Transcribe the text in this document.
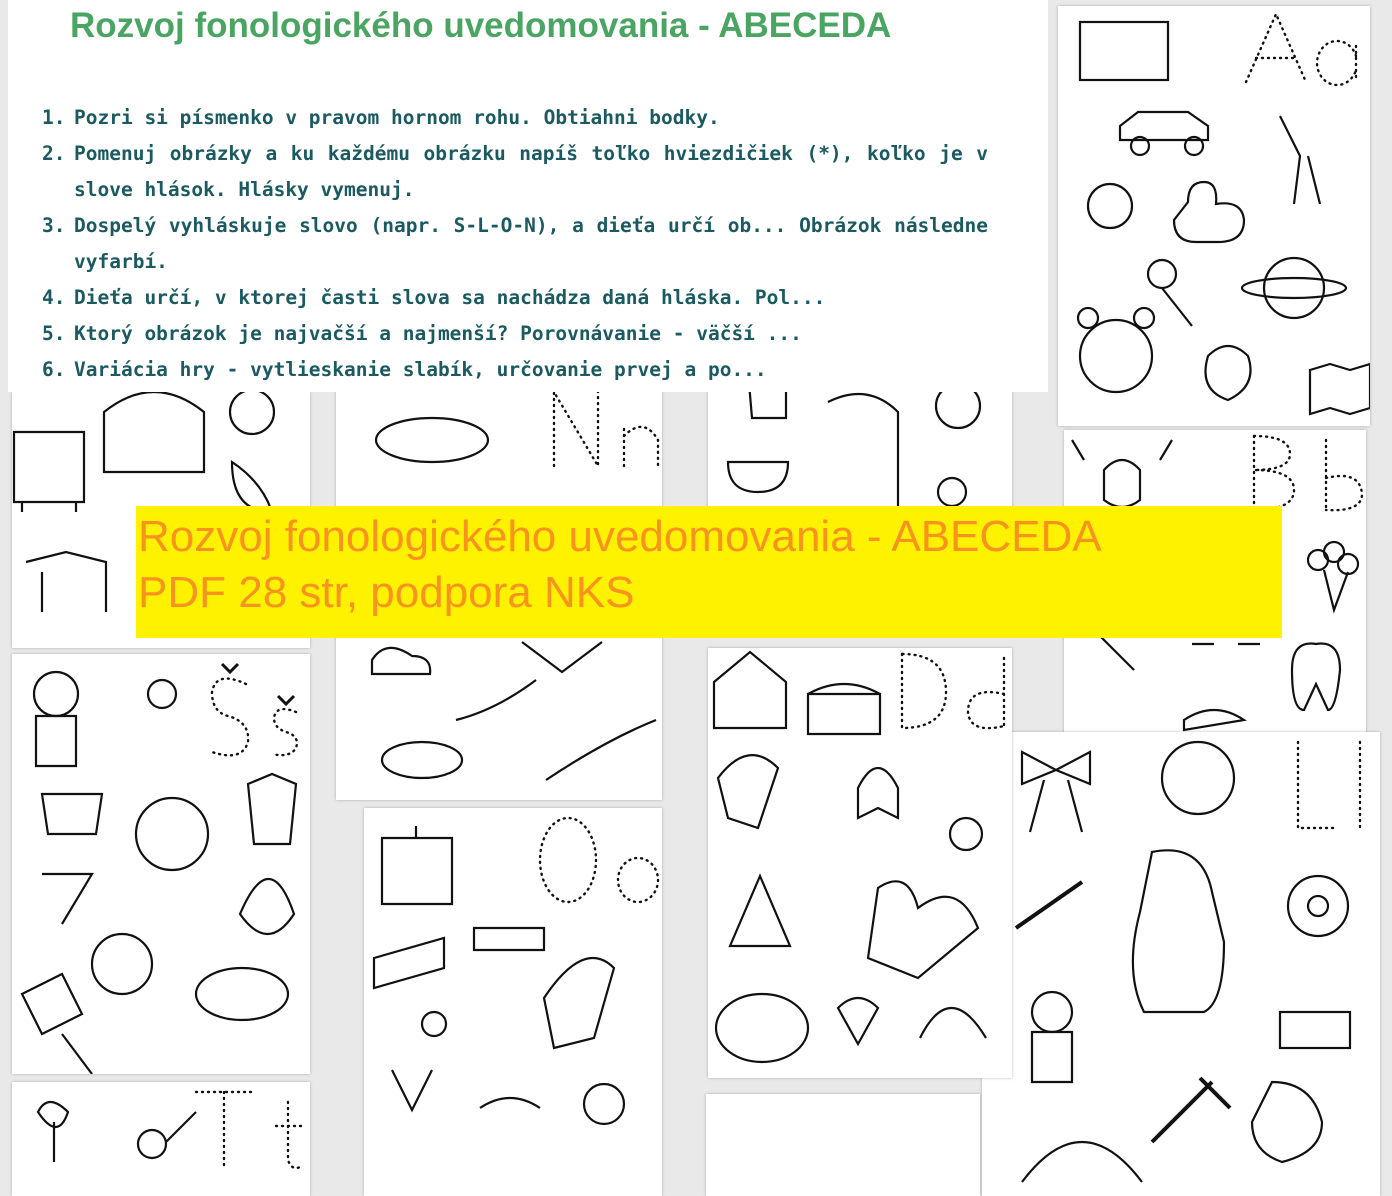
Rozvoj fonologického uvedomovania - ABECEDA
1. Pozri si písmenko v pravom hornom rohu. Obtiahni bodky.
2. Pomenuj obrázky a ku každému obrázku napíš toľko hviezdičiek (*), koľko je v slove hlások. Hlásky vymenuj.
3. Dospelý vyhláskuje slovo (napr. S-L-O-N), a dieťa určí ob... Obrázok následne vyfarbí.
4. Dieťa určí, v ktorej časti slova sa nachádza daná hláska. Pol...
5. Ktorý obrázok je najvačší a najmenší? Porovnávanie - väčší ...
6. Variácia hry - vytlieskanie slabík, určovanie prvej a po...
Rozvoj fonologického uvedomovania - ABECEDA
PDF 28 str, podpora NKS
Aa Bb Cc Dd Ll Nn Oo Ss Tt
